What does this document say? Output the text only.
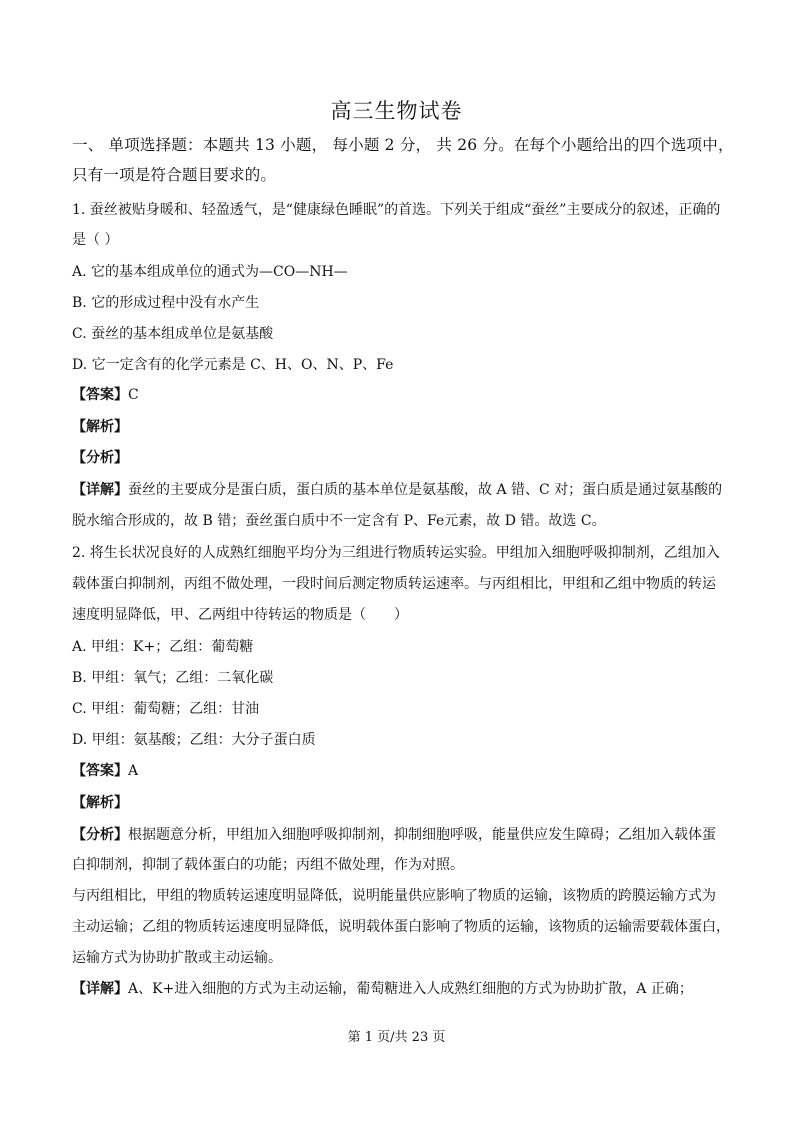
高三生物试卷
一、 单项选择题：本题共 13 小题， 每小题 2 分， 共 26 分。在每个小题给出的四个选项中，
只有一项是符合题目要求的。
1. 蚕丝被贴身暖和、轻盈透气，是“健康绿色睡眠”的首选。下列关于组成“蚕丝”主要成分的叙述，正确的
是（ ）
A. 它的基本组成单位的通式为—CO—NH—
B. 它的形成过程中没有水产生
C. 蚕丝的基本组成单位是氨基酸
D. 它一定含有的化学元素是 C、H、O、N、P、Fe
【答案】C
【解析】
【分析】
【详解】蚕丝的主要成分是蛋白质，蛋白质的基本单位是氨基酸，故 A 错、C 对；蛋白质是通过氨基酸的
脱水缩合形成的，故 B 错；蚕丝蛋白质中不一定含有 P、Fe元素，故 D 错。故选 C。
2. 将生长状况良好的人成熟红细胞平均分为三组进行物质转运实验。甲组加入细胞呼吸抑制剂，乙组加入
载体蛋白抑制剂，丙组不做处理，一段时间后测定物质转运速率。与丙组相比，甲组和乙组中物质的转运
速度明显降低，甲、乙两组中待转运的物质是（　　）
A. 甲组：K+；乙组：葡萄糖
B. 甲组：氧气；乙组：二氧化碳
C. 甲组：葡萄糖；乙组：甘油
D. 甲组：氨基酸；乙组：大分子蛋白质
【答案】A
【解析】
【分析】根据题意分析，甲组加入细胞呼吸抑制剂，抑制细胞呼吸，能量供应发生障碍；乙组加入载体蛋
白抑制剂，抑制了载体蛋白的功能；丙组不做处理，作为对照。
与丙组相比，甲组的物质转运速度明显降低，说明能量供应影响了物质的运输，该物质的跨膜运输方式为
主动运输；乙组的物质转运速度明显降低，说明载体蛋白影响了物质的运输，该物质的运输需要载体蛋白，
运输方式为协助扩散或主动运输。
【详解】A、K+进入细胞的方式为主动运输，葡萄糖进入人成熟红细胞的方式为协助扩散，A 正确；
第 1 页/共 23 页
